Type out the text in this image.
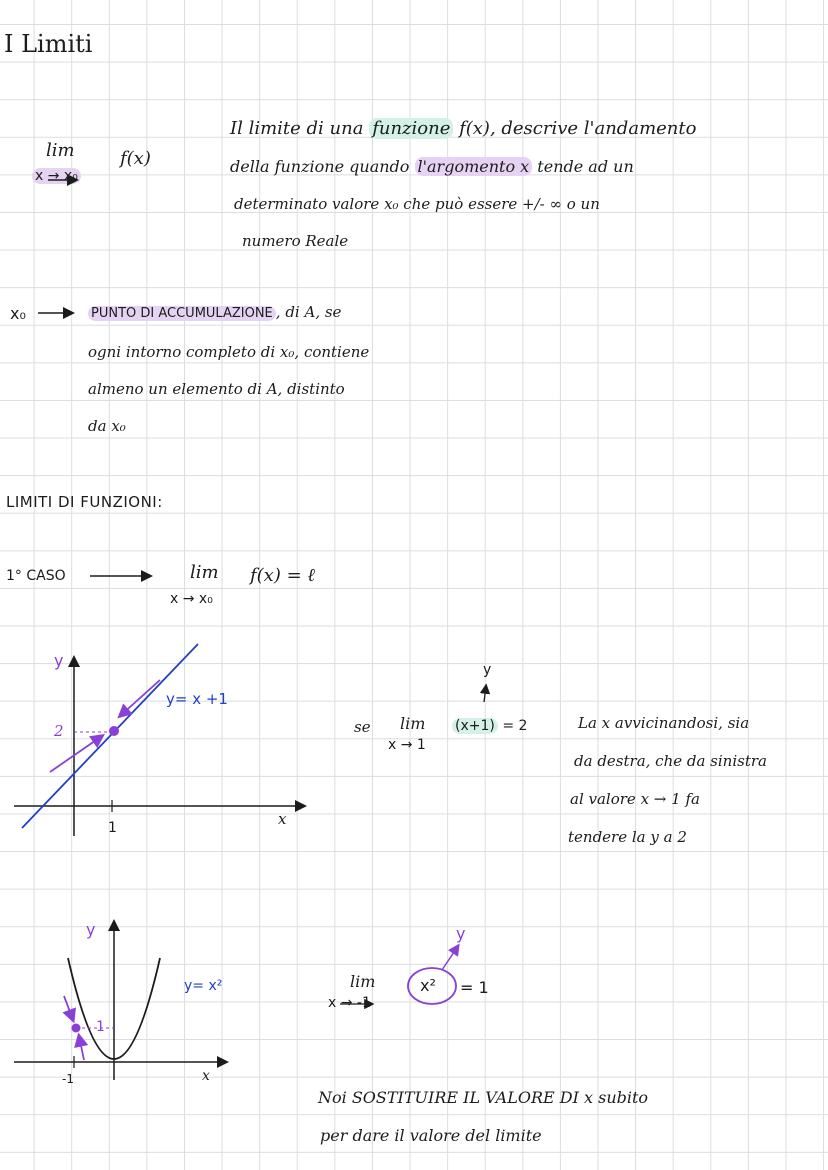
I Limiti
lim	f(x)
x → x₀
Il limite di una funzione f(x), descrive l'andamento
della funzione quando l'argomento x tende ad un
determinato valore x₀ che può essere +/- ∞ o un
numero Reale
x₀	PUNTO DI ACCUMULAZIONE , di A, se
ogni intorno completo di x₀, contiene
almeno un elemento di A, distinto
da x₀
LIMITI DI FUNZIONI:
1° CASO	lim f(x) = ℓ
x → x₀
y
2
1	x
y= x +1
se lim
x → 1
(x+1) = 2
y
La x avvicinandosi, sia
da destra, che da sinistra
al valore x → 1 fa
tendere la y a 2
y
1
-1	x
y= x²	lim
x → -1
x² = 1
y
Noi SOSTITUIRE IL VALORE DI x subito
per dare il valore del limite
